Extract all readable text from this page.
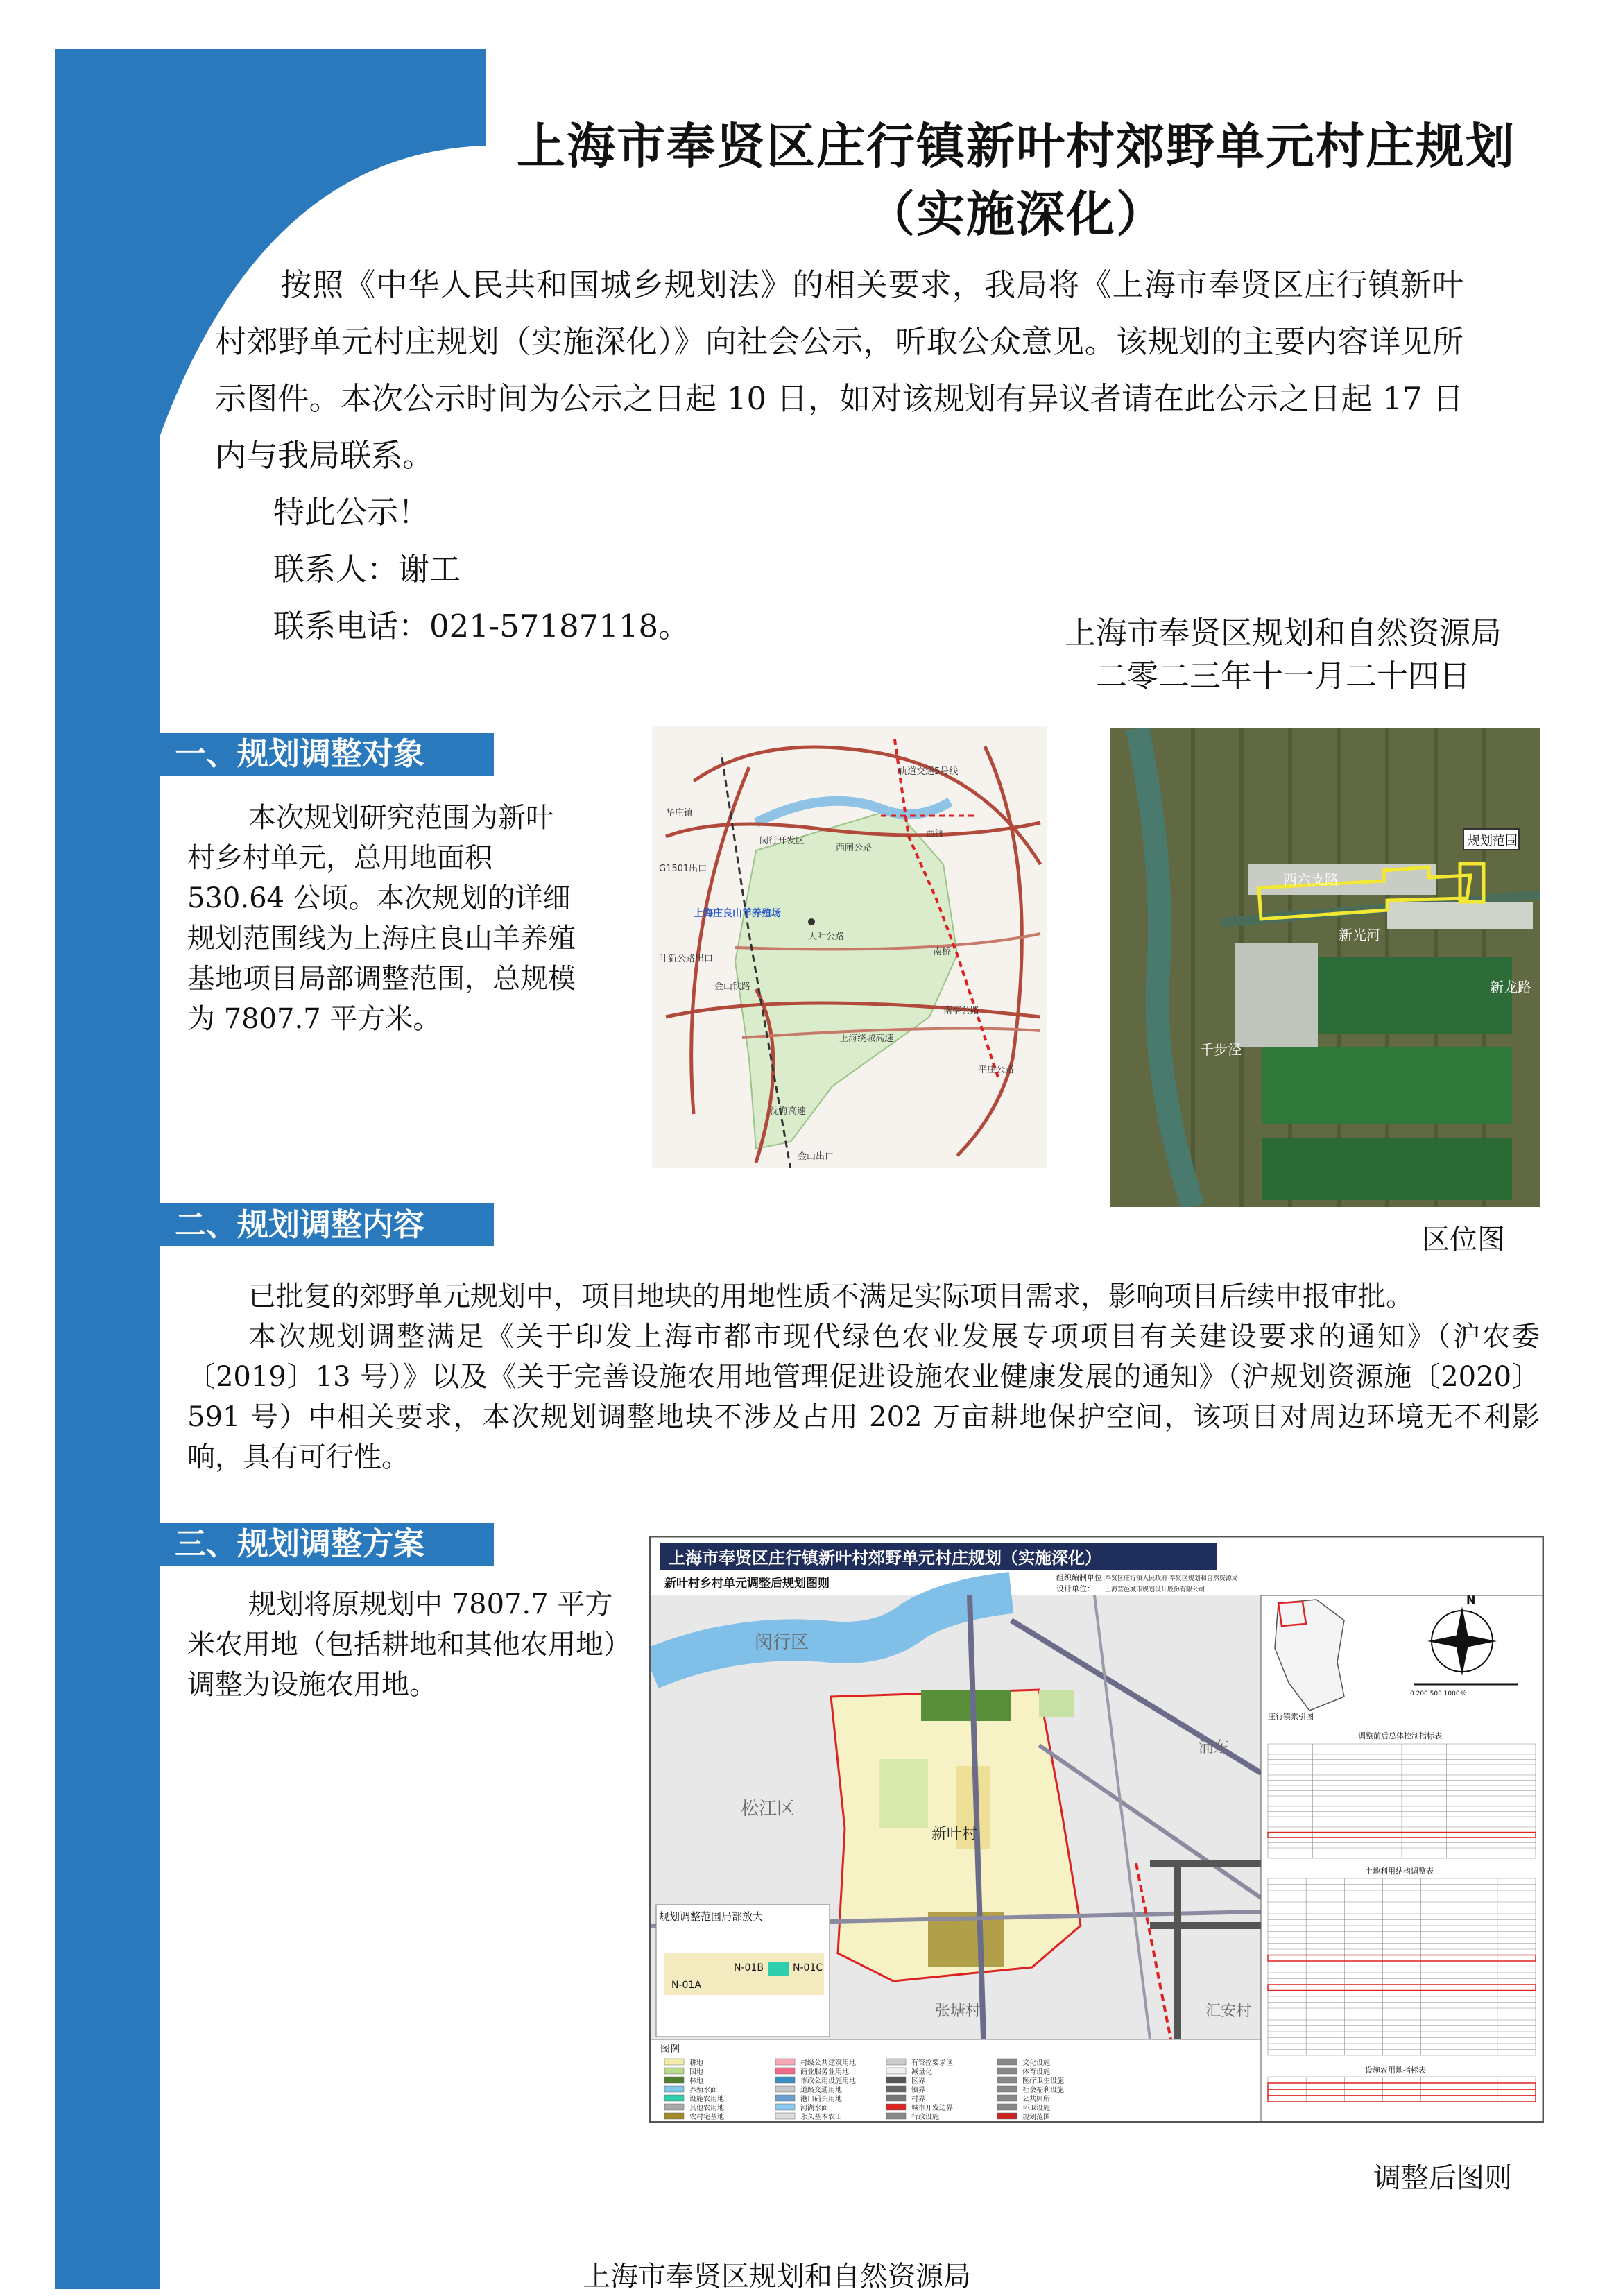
上海市奉贤区庄行镇新叶村郊野单元村庄规划
（实施深化）
按照《中华人民共和国城乡规划法》的相关要求，我局将《上海市奉贤区庄行镇新叶村郊野单元村庄规划（实施深化）》向社会公示，听取公众意见。该规划的主要内容详见所示图件。本次公示时间为公示之日起 10 日，如对该规划有异议者请在此公示之日起 17 日内与我局联系。
特此公示！
联系人：谢工
联系电话：021-57187118。	上海市奉贤区规划和自然资源局
二零二三年十一月二十四日
一、规划调整对象
本次规划研究范围为新叶村乡村单元，总用地面积 530.64 公顷。本次规划的详细规划范围线为上海庄良山羊养殖基地项目局部调整范围，总规模为 7807.7 平方米。
上海庄良山羊养殖场
华庄镇
闵行开发区
轨道交通5号线
西渡
西闸公路
G1501出口
大叶公路
南桥
叶新公路出口
金山铁路
南亭公路
上海绕城高速
沈海高速
金山出口
平庄公路
规划范围
西六支路
新光河
新龙路
千步泾
区位图
二、规划调整内容
已批复的郊野单元规划中，项目地块的用地性质不满足实际项目需求，影响项目后续申报审批。
本次规划调整满足《关于印发上海市都市现代绿色农业发展专项项目有关建设要求的通知》（沪农委〔2019〕13 号）》以及《关于完善设施农用地管理促进设施农业健康发展的通知》（沪规划资源施〔2020〕591 号）中相关要求，本次规划调整地块不涉及占用 202 万亩耕地保护空间，该项目对周边环境无不利影响，具有可行性。
三、规划调整方案
规划将原规划中 7807.7 平方米农用地（包括耕地和其他农用地）调整为设施农用地。
上海市奉贤区庄行镇新叶村郊野单元村庄规划（实施深化）
新叶村乡村单元调整后规划图则	组织编制单位：
奉贤区庄行镇人民政府 奉贤区规划和自然资源局
设计单位： 上海营邑城市规划设计股份有限公司
闵行区
松江区
新叶村
浦东
张塘村	汇安村
规划调整范围局部放大
N-01A
N-01B	N-01C
图例
耕地
园地
林地
养殖水面
设施农用地
其他农用地
农村宅基地
村级公共建筑用地
商业服务业用地
市政公用设施用地
道路交通用地
港口码头用地
河湖水面
永久基本农田
有管控要求区
减量化
区界
镇界
村界
城市开发边界
行政设施
文化设施
体育设施
医疗卫生设施
社会福利设施
公共厕所
环卫设施
规划范围
庄行镇索引图
N
0 200 500 1000米
调整前后总体控制指标表
土地利用结构调整表
设施农用地指标表
调整后图则
上海市奉贤区规划和自然资源局
